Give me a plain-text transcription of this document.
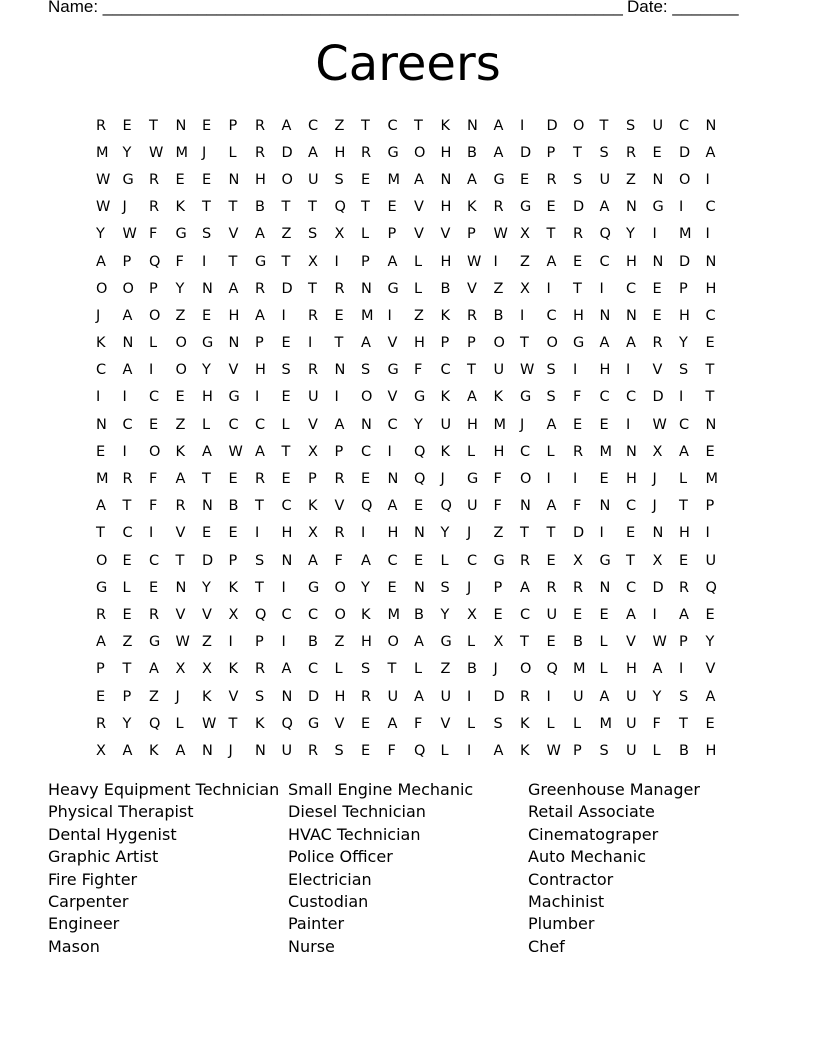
Name: _______________________________________________________ Date: _______
Careers
R	E	T	N	E	P	R	A	C	Z	T	C	T	K	N	A	I	D	O	T	S	U	C	N
M Y	W M J	L	R	D	A	H	R	G	O	H	B	A	D	P	T	S	R	E	D	A
W G	R	E	E	N	H	O	U	S	E	M A	N	A	G	E	R	S	U	Z	N	O	I
W J	R	K	T	T	B	T	T	Q	T	E	V	H	K	R	G	E	D	A	N	G	I	C
Y	W F	G	S	V	A	Z	S	X	L	P	V	V	P	W X	T	R	Q	Y	I	M I
A	P	Q	F	I	T	G	T	X	I	P	A	L	H	W I	Z	A	E	C	H	N	D	N
O	O	P	Y	N	A	R	D	T	R	N	G	L	B	V	Z	X	I	T	I	C	E	P	H
J	A	O	Z	E	H	A	I	R	E	M I	Z	K	R	B	I	C	H	N	N	E	H	C
K	N	L	O	G	N	P	E	I	T	A	V	H	P	P	O	T	O	G	A	A	R	Y	E
C	A	I	O	Y	V	H	S	R	N	S	G	F	C	T	U	W S	I	H	I	V	S	T
I	I	C	E	H	G	I	E	U	I	O	V	G	K	A	K	G	S	F	C	C	D	I	T
N	C	E	Z	L	C	C	L	V	A	N	C	Y	U	H	M J	A	E	E	I	W C	N
E	I	O	K	A	W A	T	X	P	C	I	Q	K	L	H	C	L	R	M N	X	A	E
M R	F	A	T	E	R	E	P	R	E	N	Q	J	G	F	O	I	I	E	H	J	L	M
A	T	F	R	N	B	T	C	K	V	Q	A	E	Q	U	F	N	A	F	N	C	J	T	P
T	C	I	V	E	E	I	H	X	R	I	H	N	Y	J	Z	T	T	D	I	E	N	H	I
O	E	C	T	D	P	S	N	A	F	A	C	E	L	C	G	R	E	X	G	T	X	E	U
G	L	E	N	Y	K	T	I	G	O	Y	E	N	S	J	P	A	R	R	N	C	D	R	Q
R	E	R	V	V	X	Q	C	C	O	K	M B	Y	X	E	C	U	E	E	A	I	A	E
A	Z	G	W Z	I	P	I	B	Z	H	O	A	G	L	X	T	E	B	L	V	W P	Y
P	T	A	X	X	K	R	A	C	L	S	T	L	Z	B	J	O	Q	M L	H	A	I	V
E	P	Z	J	K	V	S	N	D	H	R	U	A	U	I	D	R	I	U	A	U	Y	S	A
R	Y	Q	L	W T	K	Q	G	V	E	A	F	V	L	S	K	L	L	M U	F	T	E
X	A	K	A	N	J	N	U	R	S	E	F	Q	L	I	A	K	W P	S	U	L	B	H
Heavy Equipment Technician
Physical Therapist
Dental Hygenist
Graphic Artist
Fire Fighter
Carpenter
Engineer
Mason
Small Engine Mechanic
Diesel Technician
HVAC Technician
Police Officer
Electrician
Custodian
Painter
Nurse
Greenhouse Manager
Retail Associate
Cinematograper
Auto Mechanic
Contractor
Machinist
Plumber
Chef
